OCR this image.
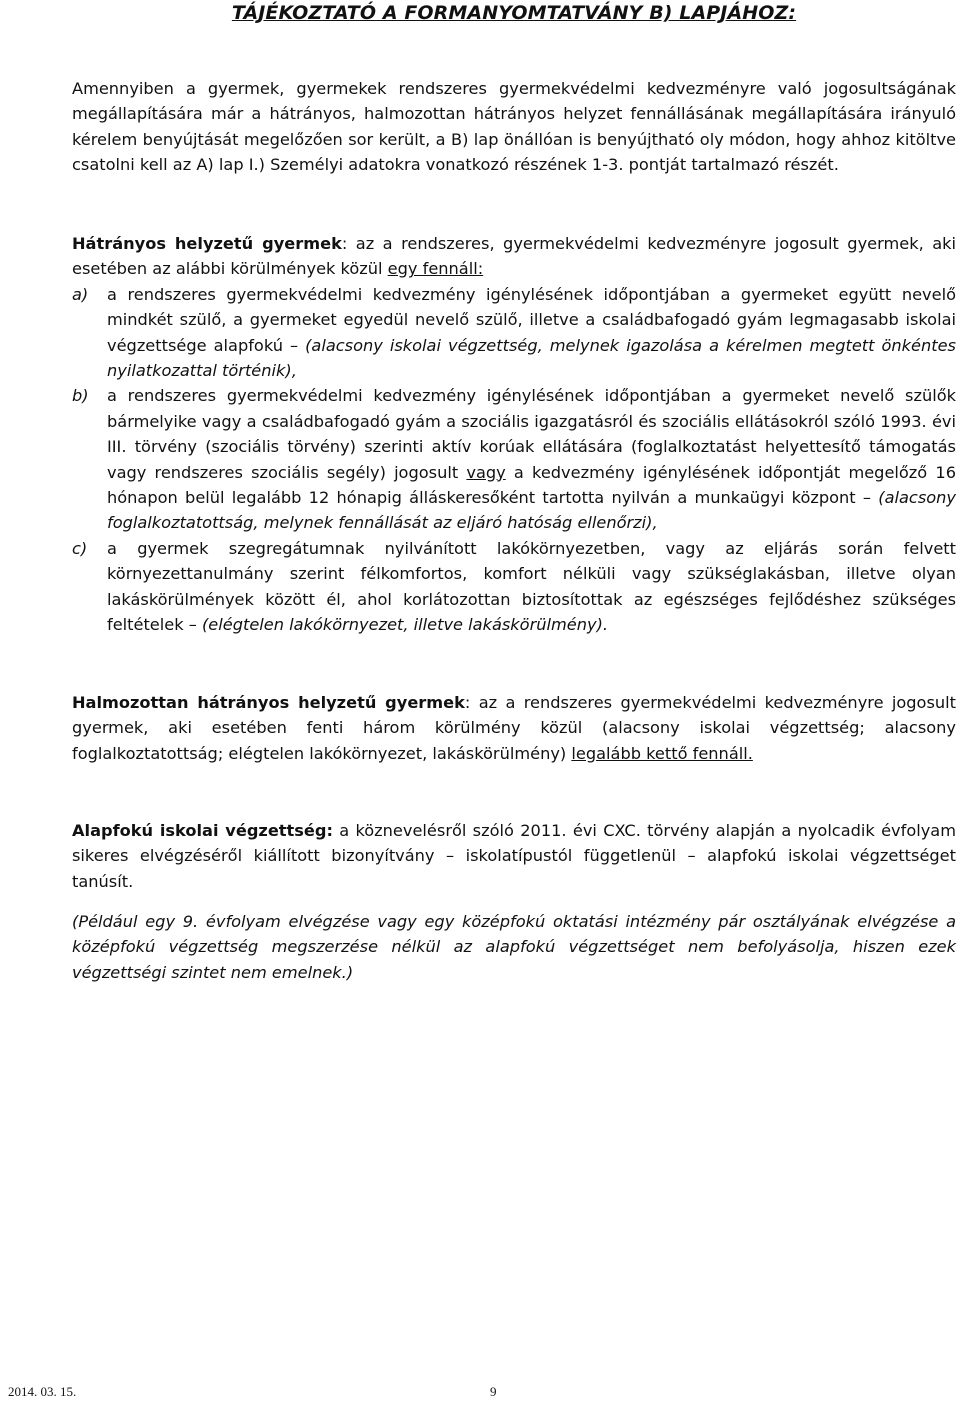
TÁJÉKOZTATÓ A FORMANYOMTATVÁNY B) LAPJÁHOZ:

Amennyiben a gyermek, gyermekek rendszeres gyermekvédelmi kedvezményre való jogosultságának megállapítására már a hátrányos, halmozottan hátrányos helyzet fennállásának megállapítására irányuló kérelem benyújtását megelőzően sor került, a B) lap önállóan is benyújtható oly módon, hogy ahhoz kitöltve csatolni kell az A) lap I.) Személyi adatokra vonatkozó részének 1-3. pontját tartalmazó részét.

Hátrányos helyzetű gyermek: az a rendszeres, gyermekvédelmi kedvezményre jogosult gyermek, aki esetében az alábbi körülmények közül egy fennáll:
a) a rendszeres gyermekvédelmi kedvezmény igénylésének időpontjában a gyermeket együtt nevelő mindkét szülő, a gyermeket egyedül nevelő szülő, illetve a családbafogadó gyám legmagasabb iskolai végzettsége alapfokú – (alacsony iskolai végzettség, melynek igazolása a kérelmen megtett önkéntes nyilatkozattal történik),
b) a rendszeres gyermekvédelmi kedvezmény igénylésének időpontjában a gyermeket nevelő szülők bármelyike vagy a családbafogadó gyám a szociális igazgatásról és szociális ellátásokról szóló 1993. évi III. törvény (szociális törvény) szerinti aktív korúak ellátására (foglalkoztatást helyettesítő támogatás vagy rendszeres szociális segély) jogosult vagy a kedvezmény igénylésének időpontját megelőző 16 hónapon belül legalább 12 hónapig álláskeresőként tartotta nyilván a munkaügyi központ – (alacsony foglalkoztatottság, melynek fennállását az eljáró hatóság ellenőrzi),
c) a gyermek szegregátumnak nyilvánított lakókörnyezetben, vagy az eljárás során felvett környezettanulmány szerint félkomfortos, komfort nélküli vagy szükséglakásban, illetve olyan lakáskörülmények között él, ahol korlátozottan biztosítottak az egészséges fejlődéshez szükséges feltételek – (elégtelen lakókörnyezet, illetve lakáskörülmény).

Halmozottan hátrányos helyzetű gyermek: az a rendszeres gyermekvédelmi kedvezményre jogosult gyermek, aki esetében fenti három körülmény közül (alacsony iskolai végzettség; alacsony foglalkoztatottság; elégtelen lakókörnyezet, lakáskörülmény) legalább kettő fennáll.

Alapfokú iskolai végzettség: a köznevelésről szóló 2011. évi CXC. törvény alapján a nyolcadik évfolyam sikeres elvégzéséről kiállított bizonyítvány – iskolatípustól függetlenül – alapfokú iskolai végzettséget tanúsít.

(Például egy 9. évfolyam elvégzése vagy egy középfokú oktatási intézmény pár osztályának elvégzése a középfokú végzettség megszerzése nélkül az alapfokú végzettséget nem befolyásolja, hiszen ezek végzettségi szintet nem emelnek.)

2014. 03. 15.	9
